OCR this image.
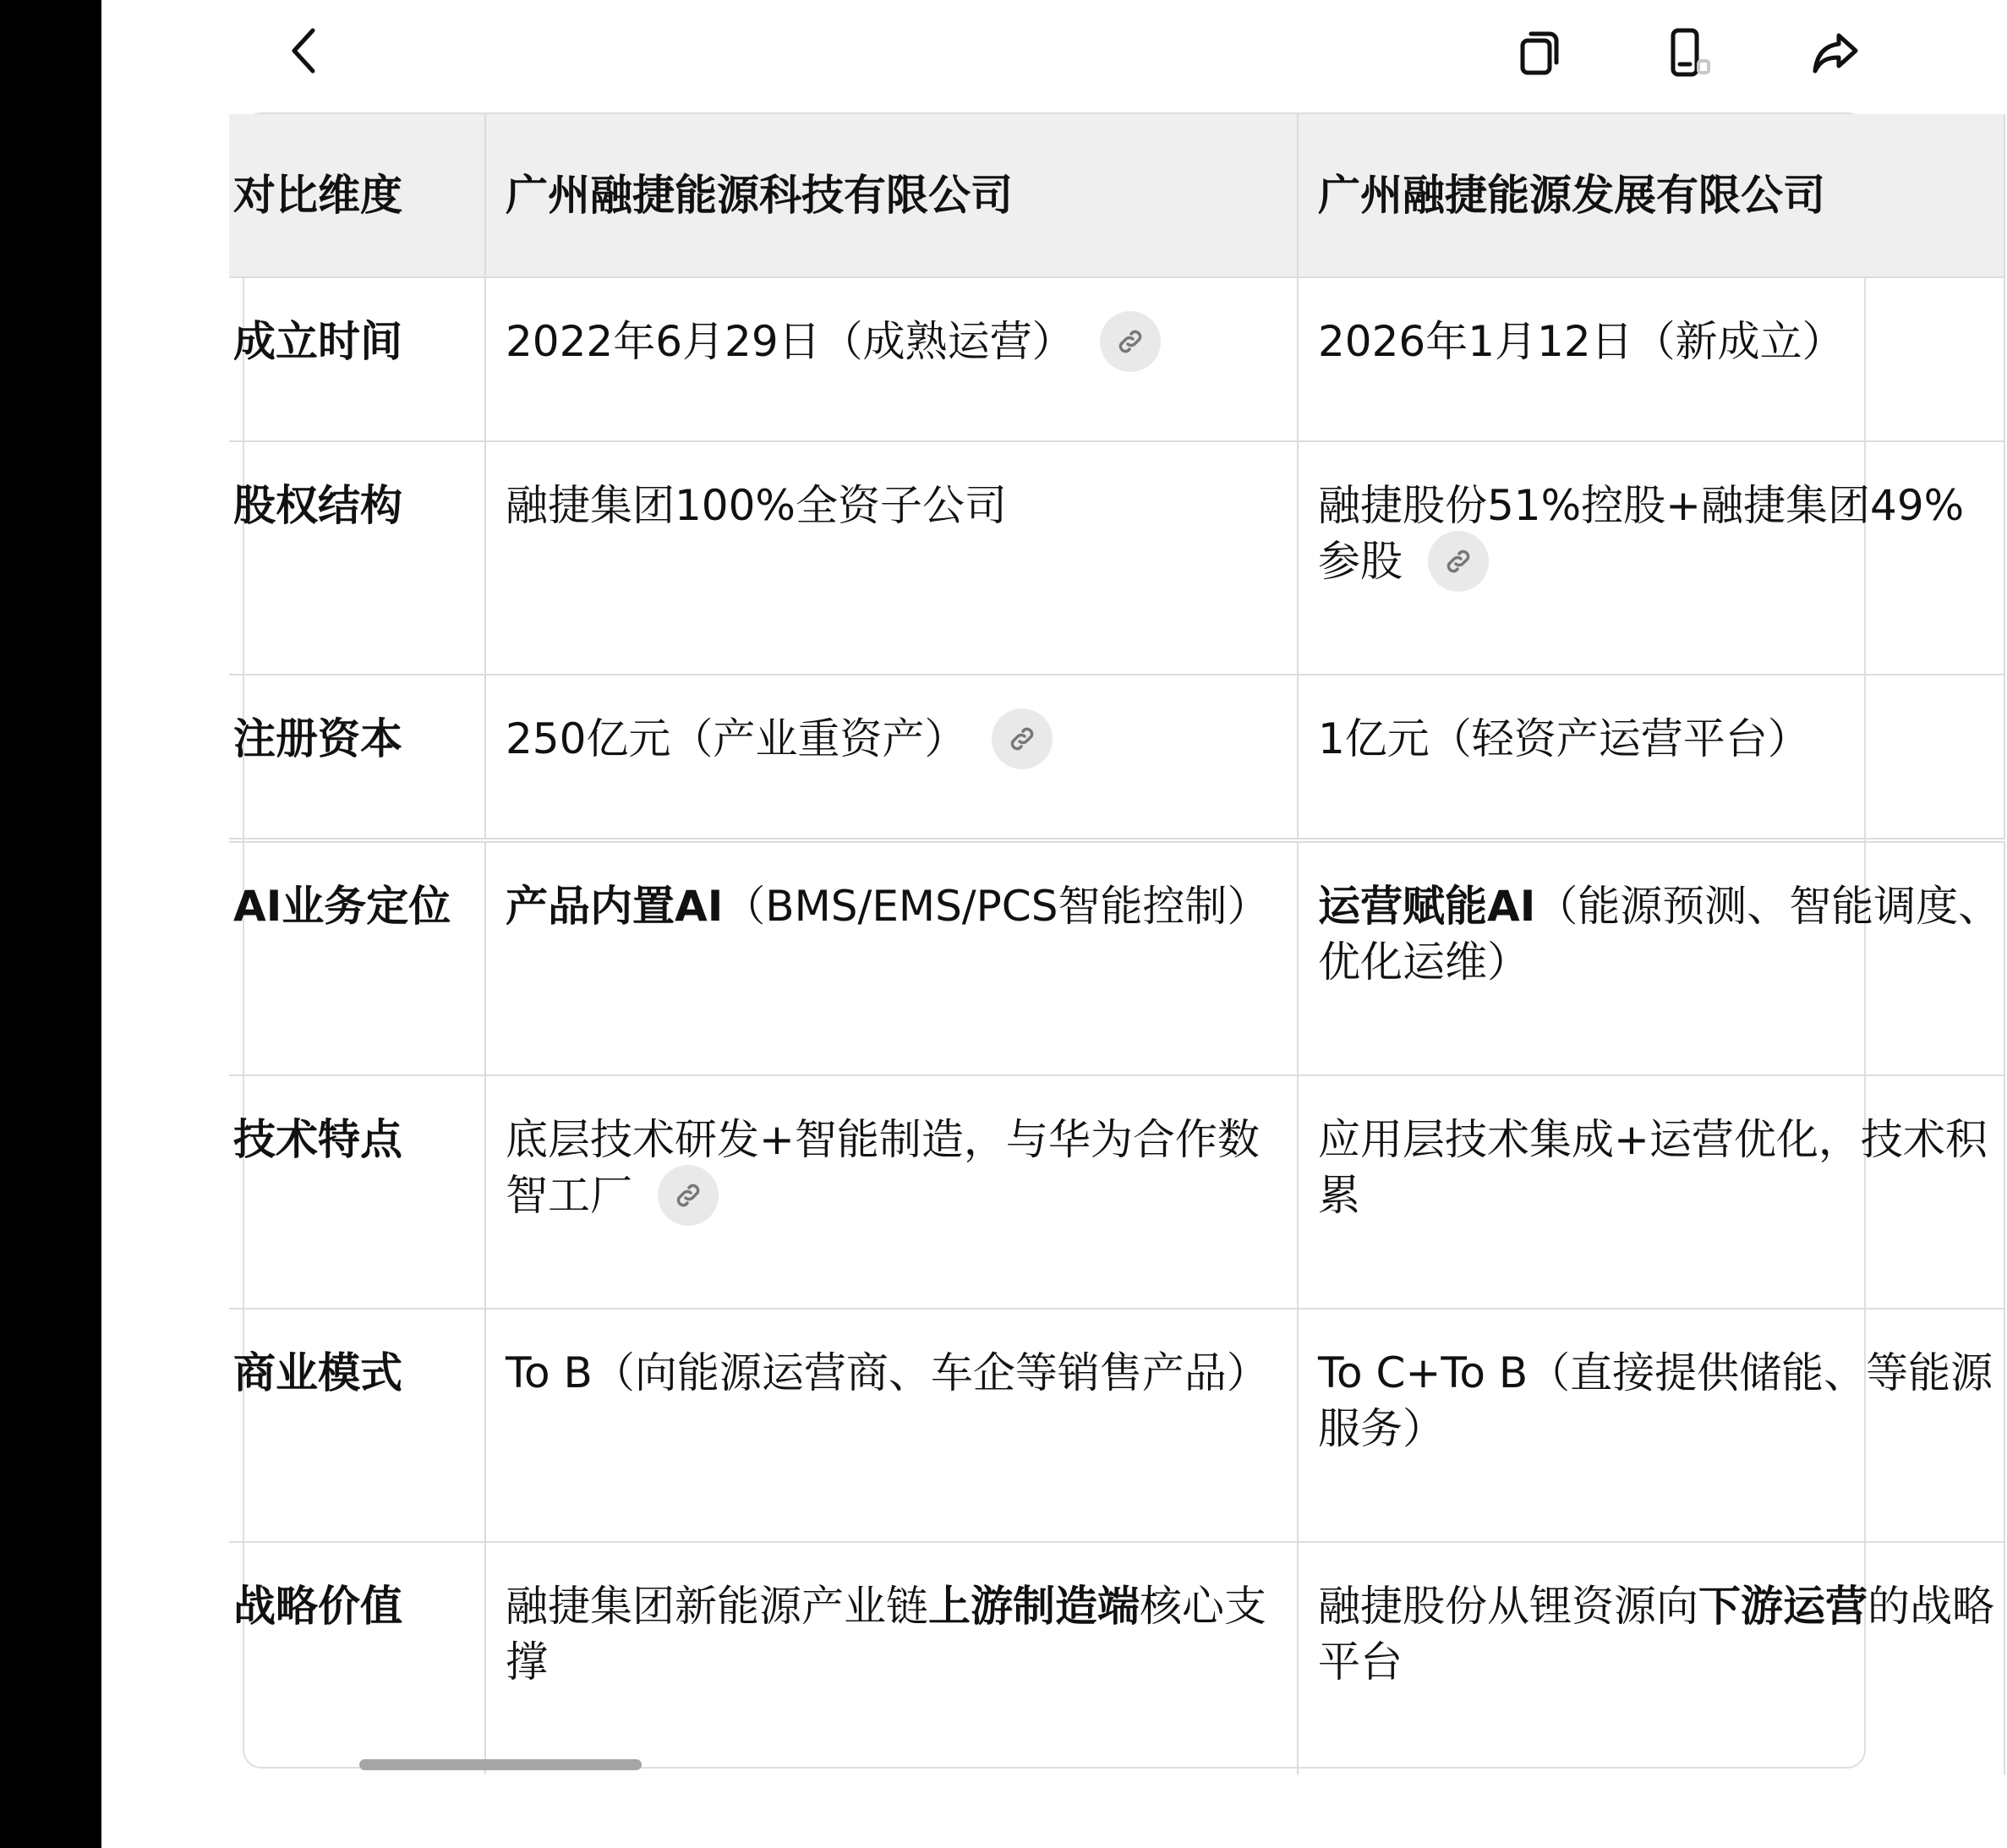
对比维度	广州融捷能源科技有限公司	广州融捷能源发展有限公司
成立时间	2022年6月29日（成熟运营）	2026年1月12日（新成立）
股权结构	融捷集团100%全资子公司	融捷股份51%控股+融捷集团49%参股

注册资本	250亿元（产业重资产）	1亿元（轻资产运营平台）
AI业务定位	产品内置AI（BMS/EMS/PCS智能控制）	运营赋能AI（能源预测、智能调度、优化运维）
技术特点	底层技术研发+智能制造，与华为合作数智工厂	应用层技术集成+运营优化，技术积累
商业模式	To B（向能源运营商、车企等销售产品）	To C+To B（直接提供储能、等能源服务）
战略价值	融捷集团新能源产业链上游制造端核心支撑	融捷股份从锂资源向下游运营的战略平台
